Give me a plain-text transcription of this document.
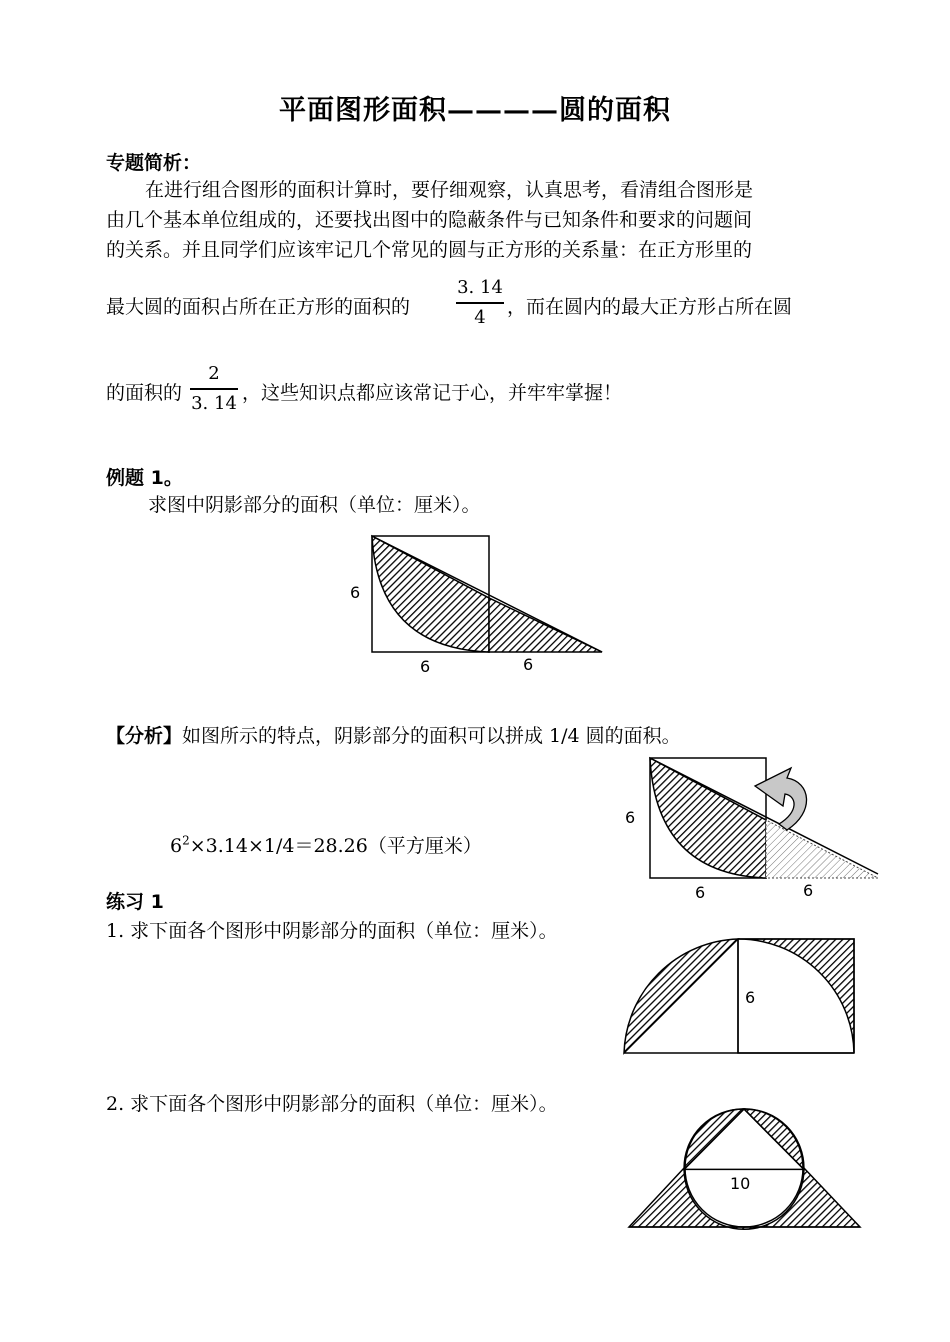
平面图形面积————圆的面积
专题简析：
在进行组合图形的面积计算时，要仔细观察，认真思考，看清组合图形是
由几个基本单位组成的，还要找出图中的隐蔽条件与已知条件和要求的问题间
的关系。并且同学们应该牢记几个常见的圆与正方形的关系量：在正方形里的
最大圆的面积占所在正方形的面积的
3. 14
4	，而在圆内的最大正方形占所在圆
的面积的
2
3. 14 ，这些知识点都应该常记于心，并牢牢掌握！
例题 1。
求图中阴影部分的面积（单位：厘米）。
6
6	6
【分析】如图所示的特点，阴影部分的面积可以拼成 1/4 圆的面积。
$6^2\times 3.14\times 1/4=28.26$（平方厘米）
6
6	6
练习 1
1. 求下面各个图形中阴影部分的面积（单位：厘米）。
6
2. 求下面各个图形中阴影部分的面积（单位：厘米）。
10
